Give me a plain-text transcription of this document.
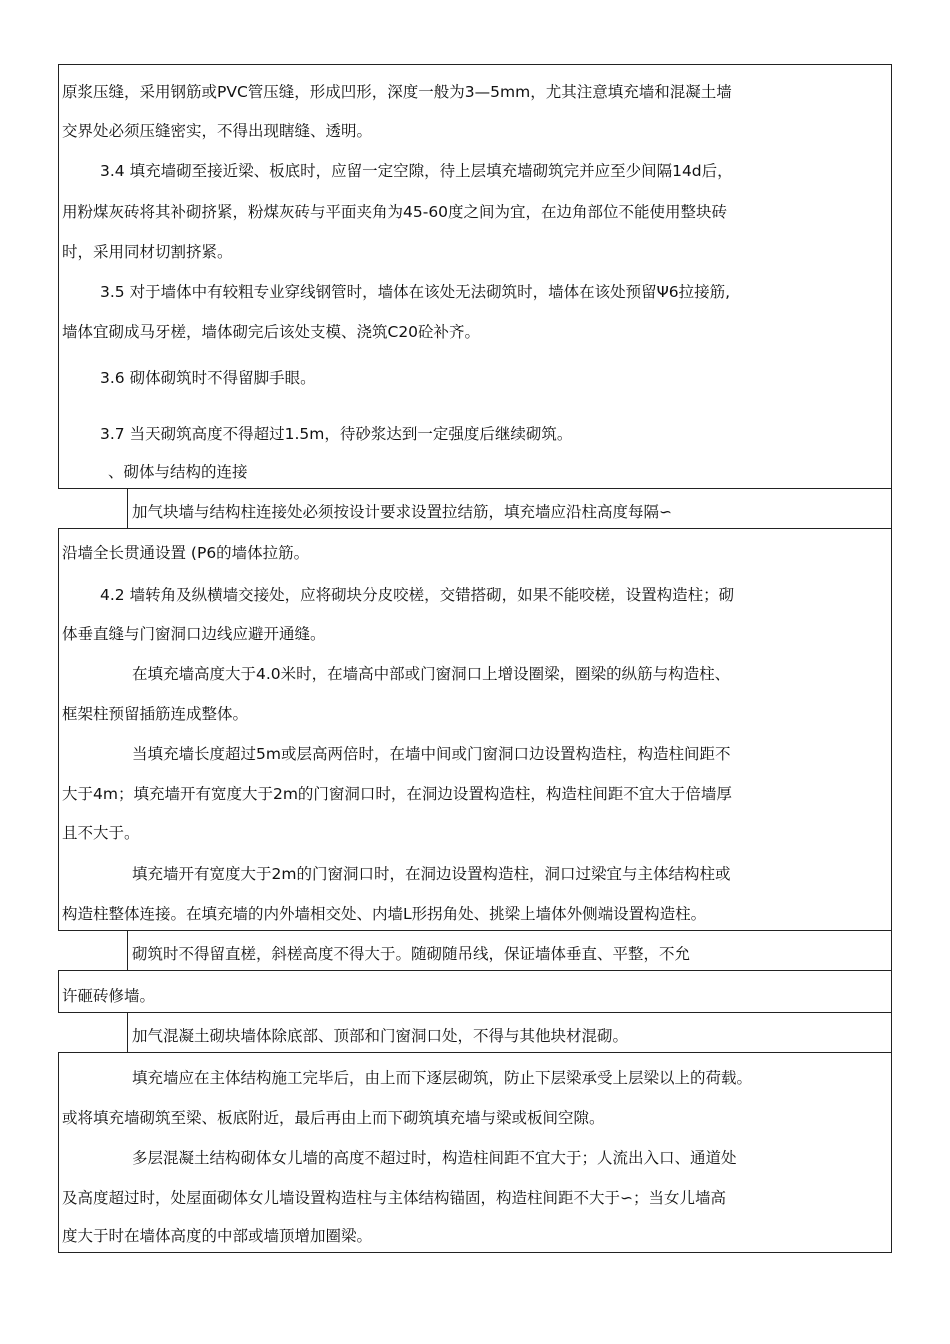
原浆压缝，采用钢筋或PVC管压缝，形成凹形，深度一般为3—5mm，尤其注意填充墙和混凝土墙
交界处必须压缝密实，不得出现瞎缝、透明。
3.4 填充墙砌至接近梁、板底时，应留一定空隙，待上层填充墙砌筑完并应至少间隔14d后，
用粉煤灰砖将其补砌挤紧，粉煤灰砖与平面夹角为45-60度之间为宜，在边角部位不能使用整块砖
时，采用同材切割挤紧。
3.5 对于墙体中有较粗专业穿线钢管时，墙体在该处无法砌筑时，墙体在该处预留Ψ6拉接筋,
墙体宜砌成马牙槎，墙体砌完后该处支模、浇筑C20砼补齐。
3.6 砌体砌筑时不得留脚手眼。
3.7 当天砌筑高度不得超过1.5m，待砂浆达到一定强度后继续砌筑。
、砌体与结构的连接
加气块墙与结构柱连接处必须按设计要求设置拉结筋，填充墙应沿柱高度每隔∽
沿墙全长贯通设置 (P6的墙体拉筋。
4.2 墙转角及纵横墙交接处，应将砌块分皮咬槎，交错搭砌，如果不能咬槎，设置构造柱；砌
体垂直缝与门窗洞口边线应避开通缝。
在填充墙高度大于4.0米时，在墙高中部或门窗洞口上增设圈梁，圈梁的纵筋与构造柱、
框架柱预留插筋连成整体。
当填充墙长度超过5m或层高两倍时，在墙中间或门窗洞口边设置构造柱，构造柱间距不
大于4m；填充墙开有宽度大于2m的门窗洞口时，在洞边设置构造柱，构造柱间距不宜大于倍墙厚
且不大于。
填充墙开有宽度大于2m的门窗洞口时，在洞边设置构造柱，洞口过梁宜与主体结构柱或
构造柱整体连接。在填充墙的内外墙相交处、内墙L形拐角处、挑梁上墙体外侧端设置构造柱。
砌筑时不得留直槎，斜槎高度不得大于。随砌随吊线，保证墙体垂直、平整，不允
许砸砖修墙。
加气混凝土砌块墙体除底部、顶部和门窗洞口处，不得与其他块材混砌。
填充墙应在主体结构施工完毕后，由上而下逐层砌筑，防止下层梁承受上层梁以上的荷载。
或将填充墙砌筑至梁、板底附近，最后再由上而下砌筑填充墙与梁或板间空隙。
多层混凝土结构砌体女儿墙的高度不超过时，构造柱间距不宜大于；人流出入口、通道处
及高度超过时，处屋面砌体女儿墙设置构造柱与主体结构锚固，构造柱间距不大于∽；当女儿墙高
度大于时在墙体高度的中部或墙顶增加圈梁。
